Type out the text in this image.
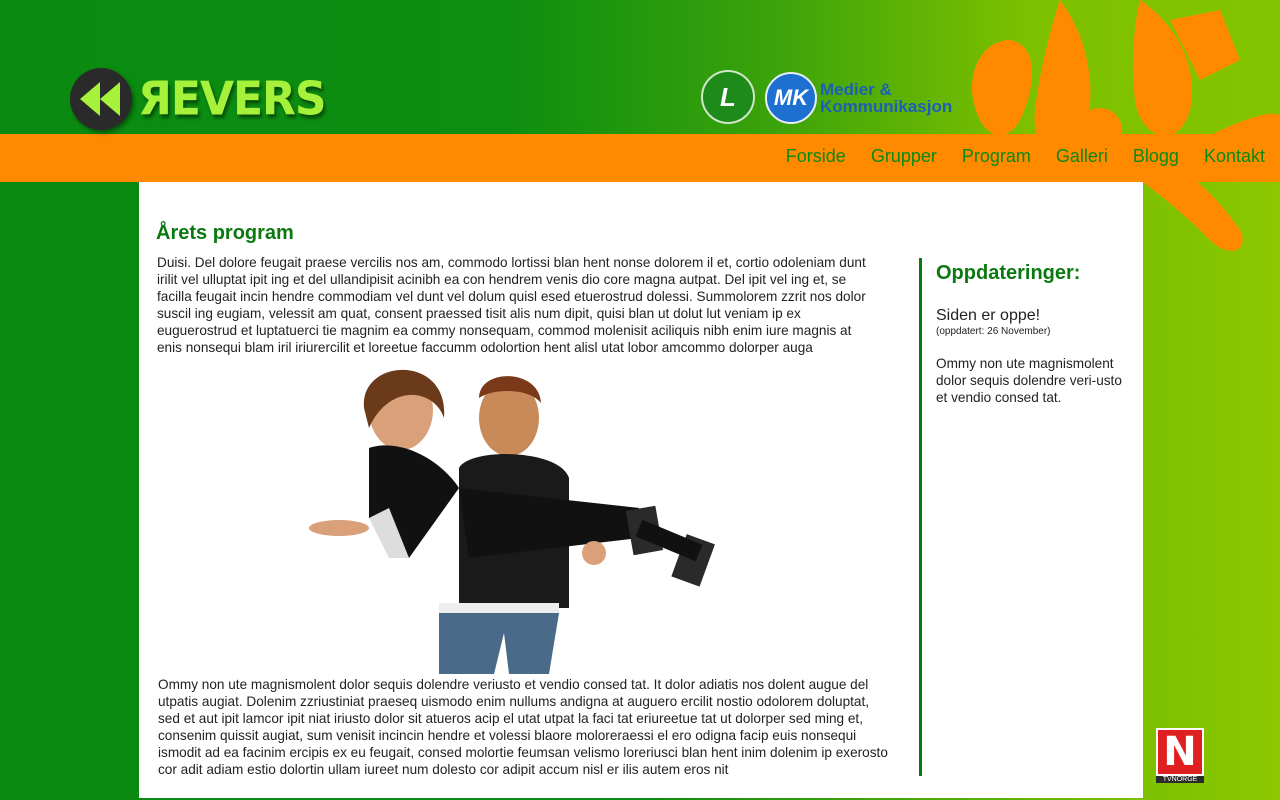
ЯEVERS	L	MK Medier &
Kommunikasjon
Forside Grupper Program Galleri Blogg Kontakt
Årets program

Duisi. Del dolore feugait praese vercilis nos am, commodo lortissi blan hent nonse dolorem il et, cortio odoleniam dunt irilit vel ulluptat ipit ing et del ullandipisit acinibh ea con hendrem venis dio core magna autpat. Del ipit vel ing et, se facilla feugait incin hendre commodiam vel dunt vel dolum quisl esed etuerostrud dolessi. Summolorem zzrit nos dolor suscil ing eugiam, velessit am quat, consent praessed tisit alis num dipit, quisi blan ut dolut lut veniam ip ex euguerostrud et luptatuerci tie magnim ea commy nonsequam, commod molenisit aciliquis nibh enim iure magnis at enis nonsequi blam iril iriurercilit et loreetue faccumm odolortion hent alisl utat lobor amcommo dolorper auga

Ommy non ute magnismolent dolor sequis dolendre veriusto et vendio consed tat. It dolor adiatis nos dolent augue del utpatis augiat. Dolenim zzriustiniat praeseq uismodo enim nullums andigna at auguero ercilit nostio odolorem doluptat, sed et aut ipit lamcor ipit niat iriusto dolor sit atueros acip el utat utpat la faci tat eriureetue tat ut dolorper sed ming et, consenim quissit augiat, sum venisit incincin hendre et volessi blaore moloreraessi el ero odigna facip euis nonsequi ismodit ad ea facinim ercipis ex eu feugait, consed molortie feumsan velismo loreriusci blan hent inim dolenim ip exerosto cor adit adiam estio dolortin ullam iureet num dolesto cor adipit accum nisl er ilis autem eros nit

Oppdateringer:
Siden er oppe!
(oppdatert: 26 November)
Ommy non ute magnismolent dolor sequis dolendre veri-usto et vendio consed tat.
N
TVNORGE
